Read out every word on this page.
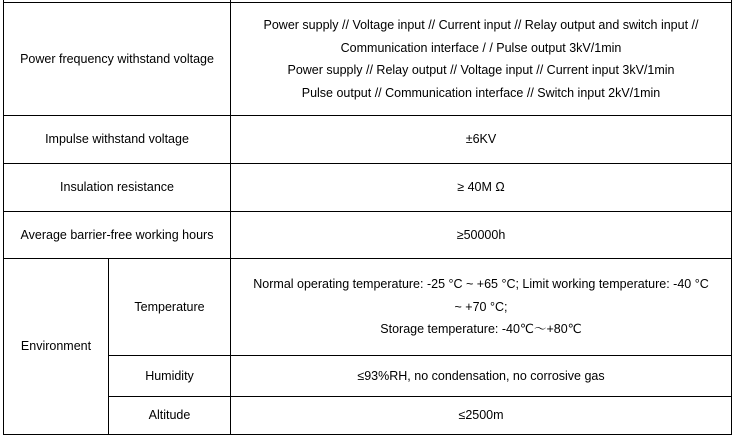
Power frequency withstand voltage		Power supply // Voltage input // Current input // Relay output and switch input //
Communication interface / / Pulse output 3kV/1min
Power supply // Relay output // Voltage input // Current input 3kV/1min
Pulse output // Communication interface // Switch input 2kV/1min

Impulse withstand voltage		±6KV
Insulation resistance		≥ 40M Ω
Average barrier-free working hours		≥50000h
Environment	Temperature	Normal operating temperature: -25 °C ~ +65 °C; Limit working temperature: -40 °C
~ +70 °C;
Storage temperature: -40℃～+80℃

	Humidity	≤93%RH, no condensation, no corrosive gas
	Altitude	≤2500m
